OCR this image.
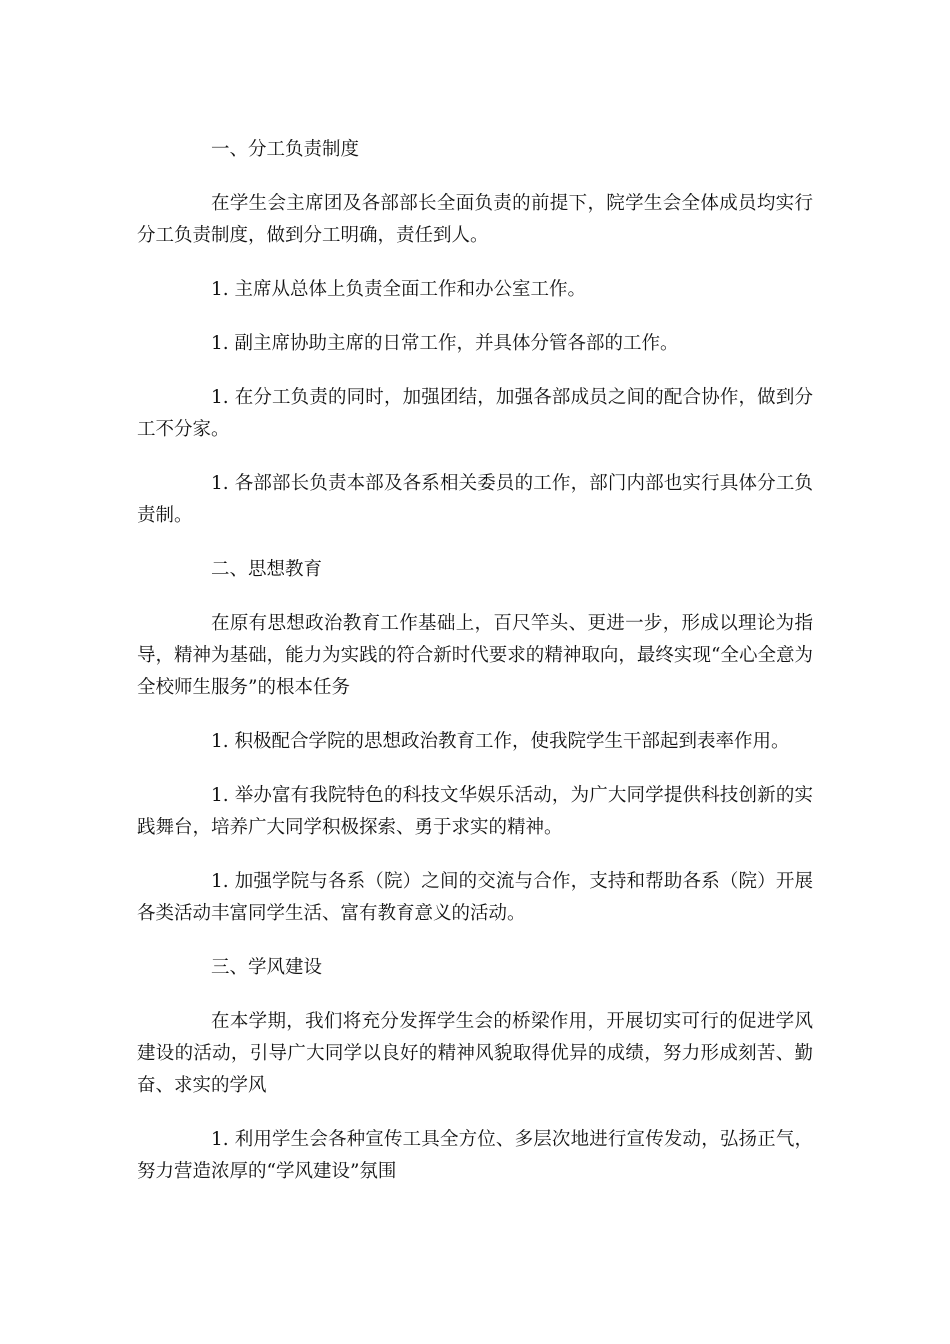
一、分工负责制度

在学生会主席团及各部部长全面负责的前提下，院学生会全体成员均实行分工负责制度，做到分工明确，责任到人。

1. 主席从总体上负责全面工作和办公室工作。

1. 副主席协助主席的日常工作，并具体分管各部的工作。

1. 在分工负责的同时，加强团结，加强各部成员之间的配合协作，做到分工不分家。

1. 各部部长负责本部及各系相关委员的工作，部门内部也实行具体分工负责制。

二、思想教育

在原有思想政治教育工作基础上，百尺竿头、更进一步，形成以理论为指导，精神为基础，能力为实践的符合新时代要求的精神取向，最终实现“全心全意为全校师生服务”的根本任务

1. 积极配合学院的思想政治教育工作，使我院学生干部起到表率作用。

1. 举办富有我院特色的科技文华娱乐活动，为广大同学提供科技创新的实践舞台，培养广大同学积极探索、勇于求实的精神。

1. 加强学院与各系（院）之间的交流与合作，支持和帮助各系（院）开展各类活动丰富同学生活、富有教育意义的活动。

三、学风建设

在本学期，我们将充分发挥学生会的桥梁作用，开展切实可行的促进学风建设的活动，引导广大同学以良好的精神风貌取得优异的成绩，努力形成刻苦、勤奋、求实的学风

1. 利用学生会各种宣传工具全方位、多层次地进行宣传发动，弘扬正气，努力营造浓厚的“学风建设”氛围
